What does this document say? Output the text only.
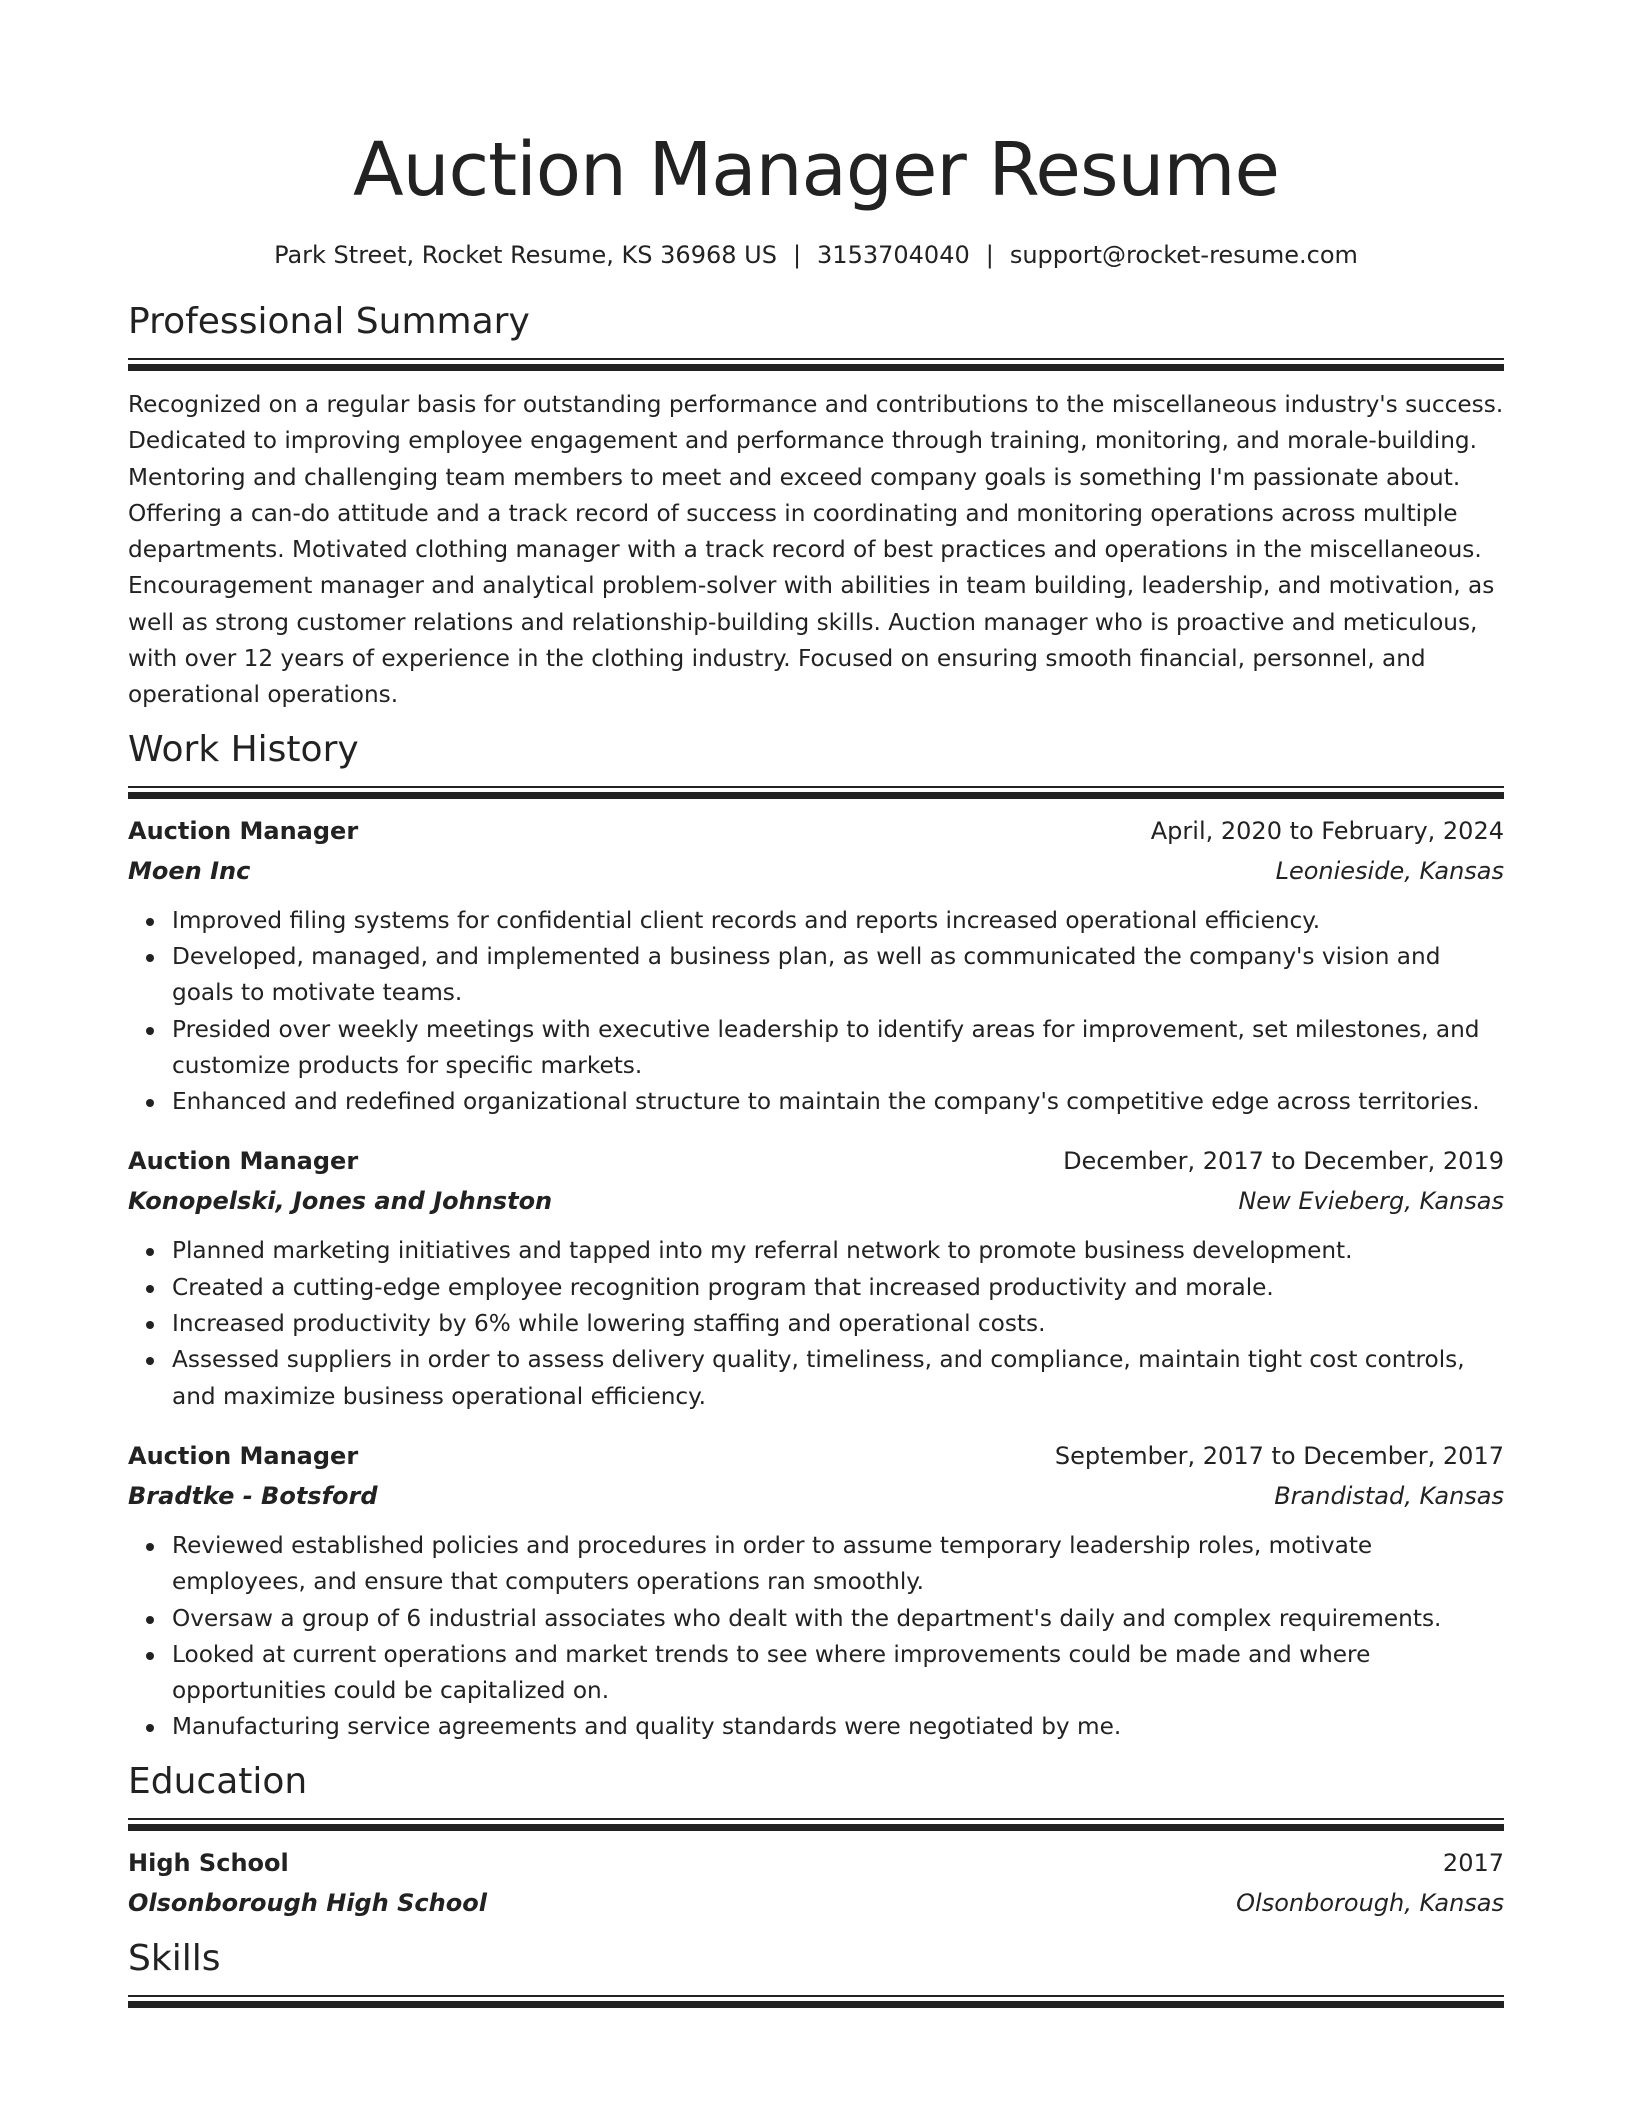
Auction Manager Resume
Park Street, Rocket Resume, KS 36968 US | 3153704040 | support@rocket-resume.com
Professional Summary

Recognized on a regular basis for outstanding performance and contributions to the miscellaneous industry's success. Dedicated to improving employee engagement and performance through training, monitoring, and morale-building. Mentoring and challenging team members to meet and exceed company goals is something I'm passionate about. Offering a can-do attitude and a track record of success in coordinating and monitoring operations across multiple departments. Motivated clothing manager with a track record of best practices and operations in the miscellaneous. Encouragement manager and analytical problem-solver with abilities in team building, leadership, and motivation, as well as strong customer relations and relationship-building skills. Auction manager who is proactive and meticulous, with over 12 years of experience in the clothing industry. Focused on ensuring smooth financial, personnel, and operational operations.

Work History
Auction Manager	April, 2020 to February, 2024
Moen Inc	Leonieside, Kansas
Improved filing systems for confidential client records and reports increased operational efficiency.
Developed, managed, and implemented a business plan, as well as communicated the company's vision and goals to motivate teams.
Presided over weekly meetings with executive leadership to identify areas for improvement, set milestones, and customize products for specific markets.
Enhanced and redefined organizational structure to maintain the company's competitive edge across territories.
Auction Manager	December, 2017 to December, 2019
Konopelski, Jones and Johnston	New Evieberg, Kansas
Planned marketing initiatives and tapped into my referral network to promote business development.
Created a cutting-edge employee recognition program that increased productivity and morale.
Increased productivity by 6% while lowering staffing and operational costs.
Assessed suppliers in order to assess delivery quality, timeliness, and compliance, maintain tight cost controls, and maximize business operational efficiency.
Auction Manager	September, 2017 to December, 2017
Bradtke - Botsford	Brandistad, Kansas
Reviewed established policies and procedures in order to assume temporary leadership roles, motivate employees, and ensure that computers operations ran smoothly.
Oversaw a group of 6 industrial associates who dealt with the department's daily and complex requirements.
Looked at current operations and market trends to see where improvements could be made and where opportunities could be capitalized on.
Manufacturing service agreements and quality standards were negotiated by me.
Education
High School	2017
Olsonborough High School	Olsonborough, Kansas
Skills
